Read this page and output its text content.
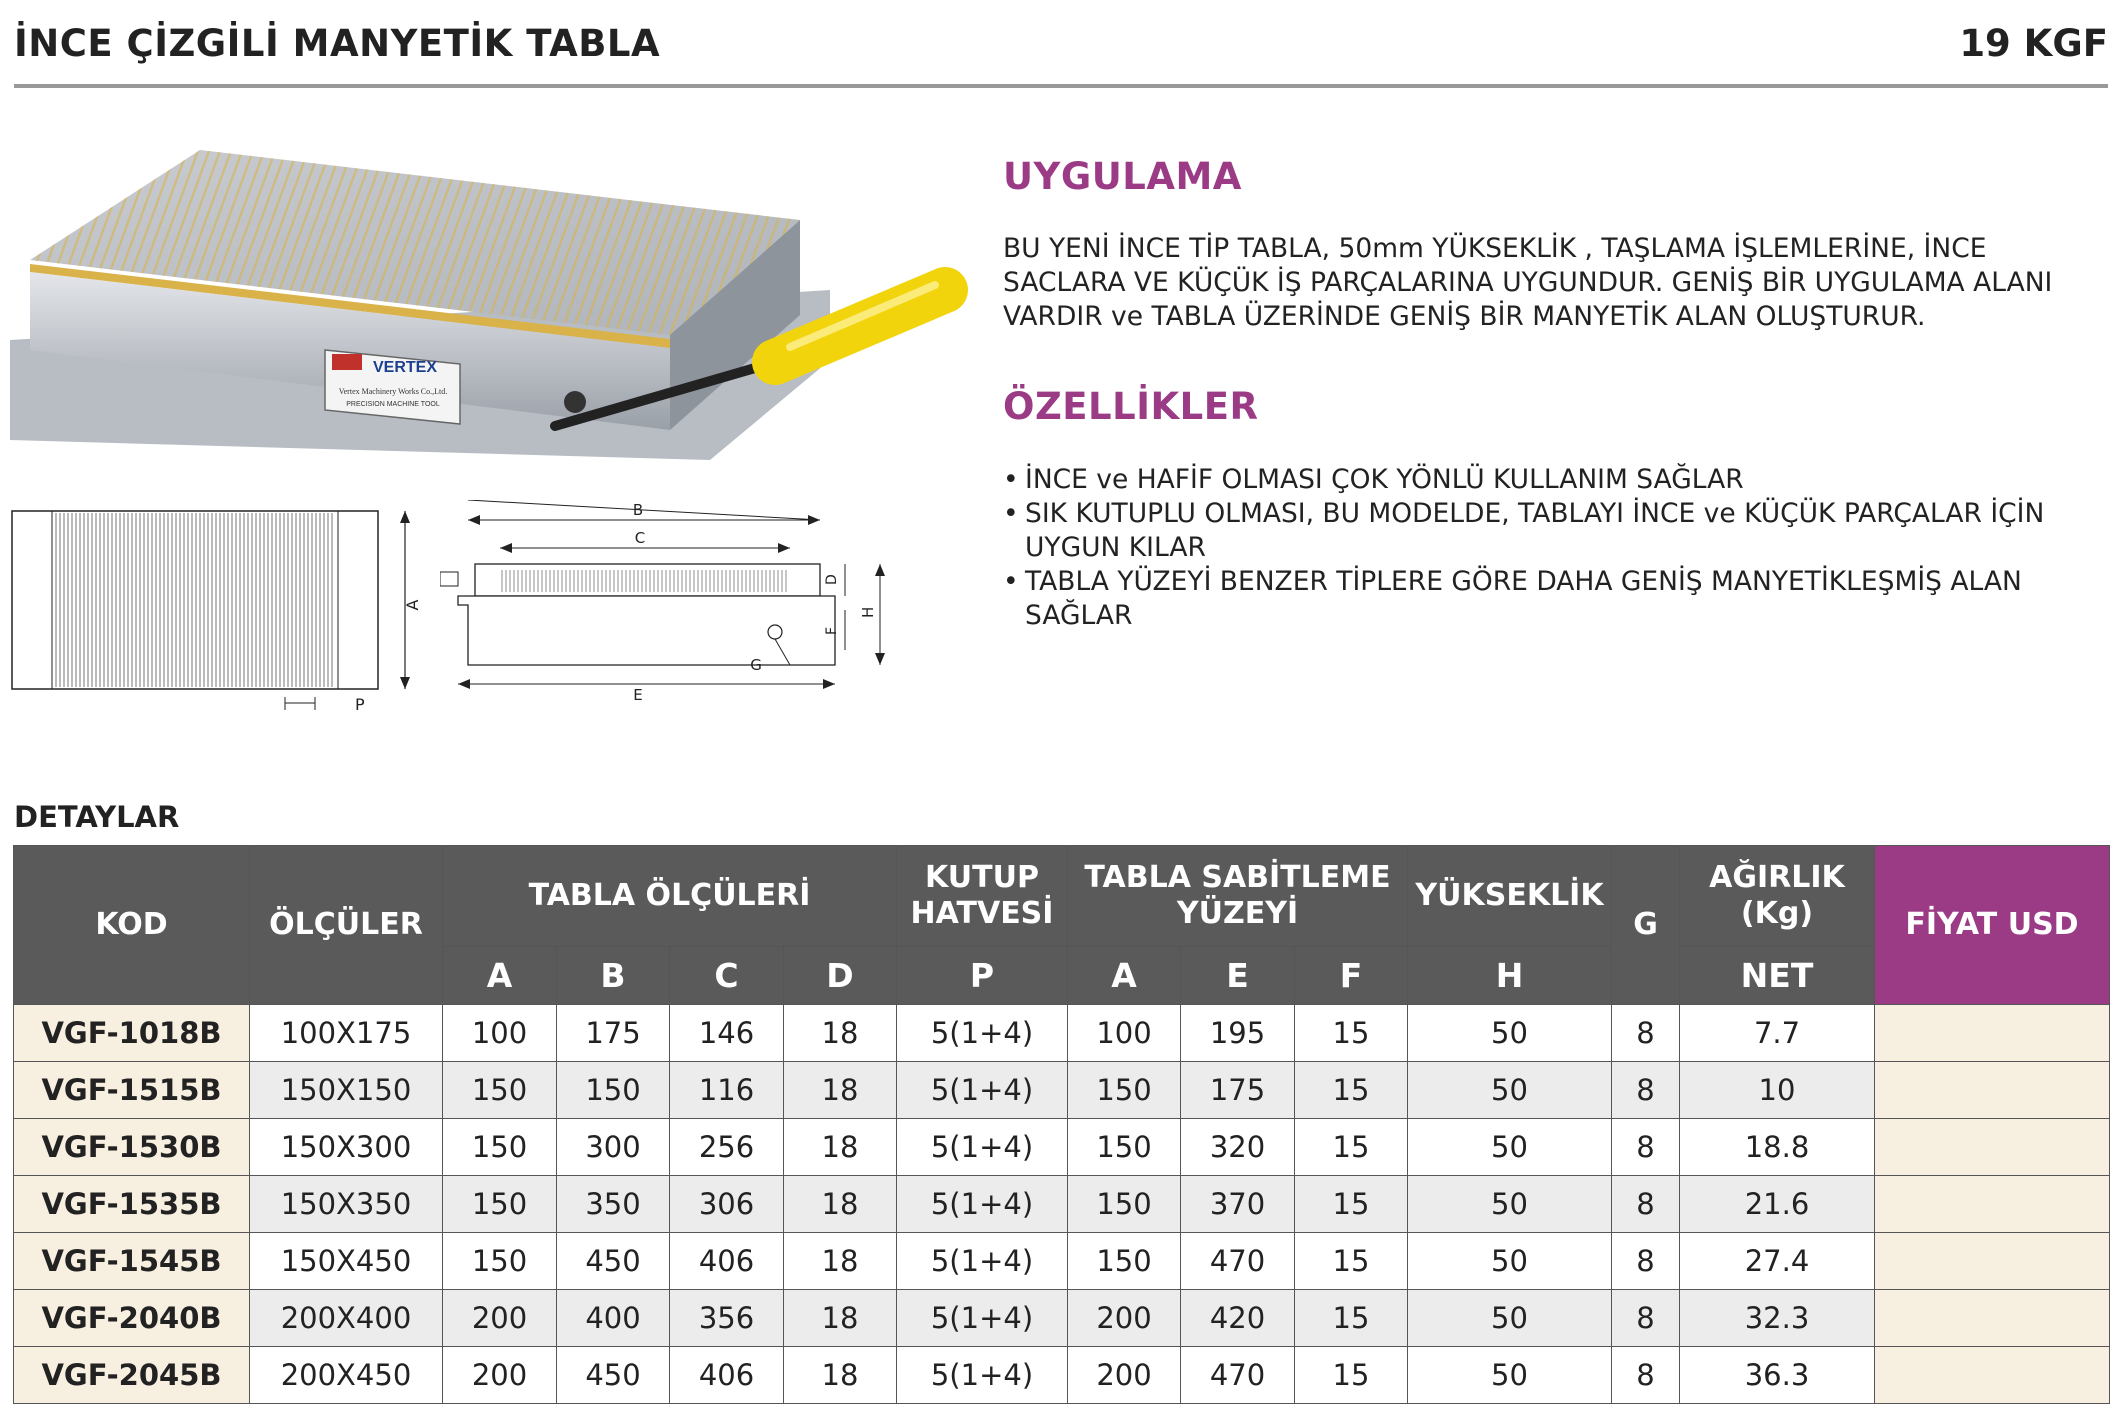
İNCE ÇİZGİLİ MANYETİK TABLA	19 KGF
VERTEX
Vertex Machinery Works Co.,Ltd.
PRECISION MACHINE TOOL
A
P
B
C
G
E
D
F
H
UYGULAMA
BU YENİ İNCE TİP TABLA, 50mm YÜKSEKLİK , TAŞLAMA İŞLEMLERİNE, İNCE SACLARA VE KÜÇÜK İŞ PARÇALARINA UYGUNDUR. GENİŞ BİR UYGULAMA ALANI VARDIR ve TABLA ÜZERİNDE GENİŞ BİR MANYETİK ALAN OLUŞTURUR.
ÖZELLİKLER
• İNCE ve HAFİF OLMASI ÇOK YÖNLÜ KULLANIM SAĞLAR
• SIK KUTUPLU OLMASI, BU MODELDE, TABLAYI İNCE ve KÜÇÜK PARÇALAR İÇİN UYGUN KILAR
• TABLA YÜZEYİ BENZER TİPLERE GÖRE DAHA GENİŞ MANYETİKLEŞMİŞ ALAN SAĞLAR
DETAYLAR
KOD	ÖLÇÜLER	TABLA ÖLÇÜLERİ				KUTUP HATVESİ	TABLA SABİTLEME YÜZEYİ			YÜKSEKLİK	G	AĞIRLIK (Kg)	FİYAT USD
		A	B	C	D	P	A	E	F	H		NET	
VGF-1018B	100X175	100	175	146	18	5(1+4)	100	195	15	50	8	7.7	
VGF-1515B	150X150	150	150	116	18	5(1+4)	150	175	15	50	8	10	
VGF-1530B	150X300	150	300	256	18	5(1+4)	150	320	15	50	8	18.8	
VGF-1535B	150X350	150	350	306	18	5(1+4)	150	370	15	50	8	21.6	
VGF-1545B	150X450	150	450	406	18	5(1+4)	150	470	15	50	8	27.4	
VGF-2040B	200X400	200	400	356	18	5(1+4)	200	420	15	50	8	32.3	
VGF-2045B	200X450	200	450	406	18	5(1+4)	200	470	15	50	8	36.3	
